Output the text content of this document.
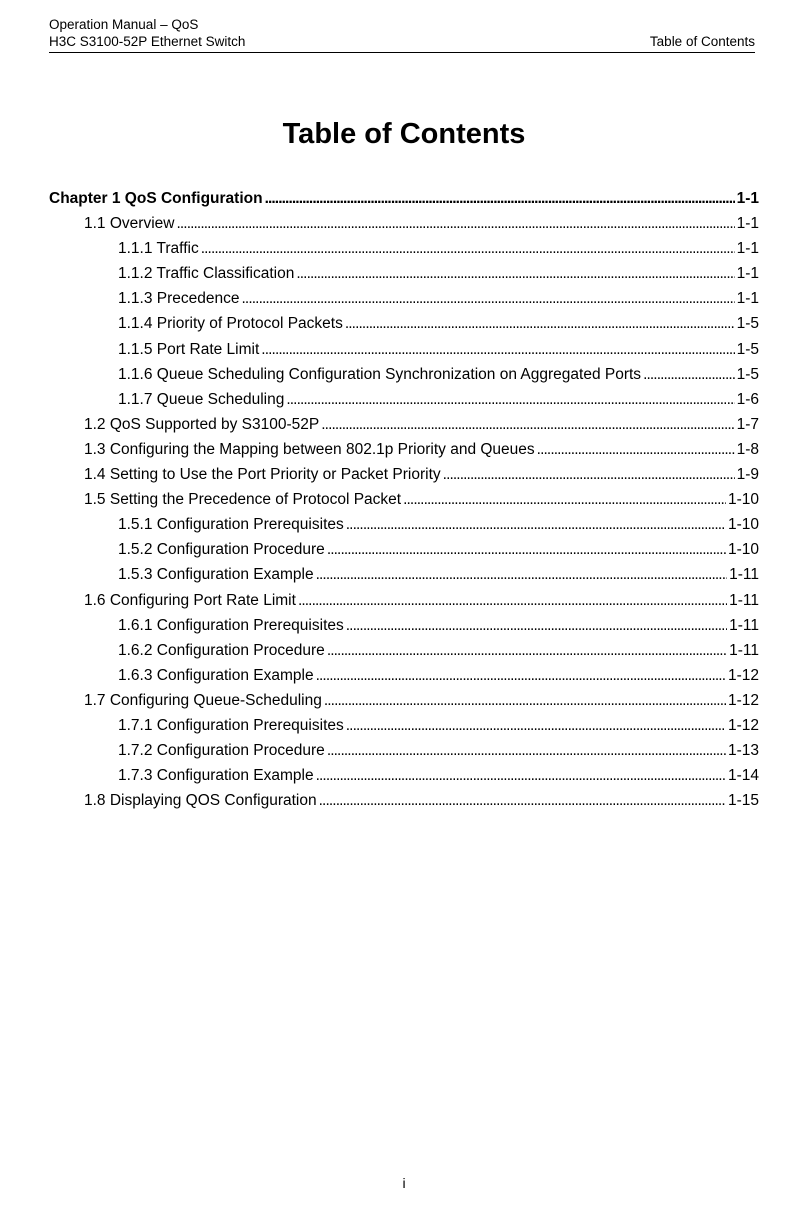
Operation Manual – QoS
H3C S3100-52P Ethernet Switch	Table of Contents
Table of Contents
Chapter 1 QoS Configuration . . .	1-1
1.1 Overview . . .	1-1
1.1.1 Traffic . . .	1-1
1.1.2 Traffic Classification . . .	1-1
1.1.3 Precedence . . .	1-1
1.1.4 Priority of Protocol Packets . . .	1-5
1.1.5 Port Rate Limit . . .	1-5
1.1.6 Queue Scheduling Configuration Synchronization on Aggregated Ports . . .	1-5
1.1.7 Queue Scheduling . . .	1-6
1.2 QoS Supported by S3100-52P . . .	1-7
1.3 Configuring the Mapping between 802.1p Priority and Queues . . .	1-8
1.4 Setting to Use the Port Priority or Packet Priority . . .	1-9
1.5 Setting the Precedence of Protocol Packet . . .	1-10
1.5.1 Configuration Prerequisites . . .	1-10
1.5.2 Configuration Procedure . . .	1-10
1.5.3 Configuration Example . . .	1-11
1.6 Configuring Port Rate Limit . . .	1-11
1.6.1 Configuration Prerequisites . . .	1-11
1.6.2 Configuration Procedure . . .	1-11
1.6.3 Configuration Example . . .	1-12
1.7 Configuring Queue-Scheduling . . .	1-12
1.7.1 Configuration Prerequisites . . .	1-12
1.7.2 Configuration Procedure . . .	1-13
1.7.3 Configuration Example . . .	1-14
1.8 Displaying QOS Configuration . . .	1-15
i
